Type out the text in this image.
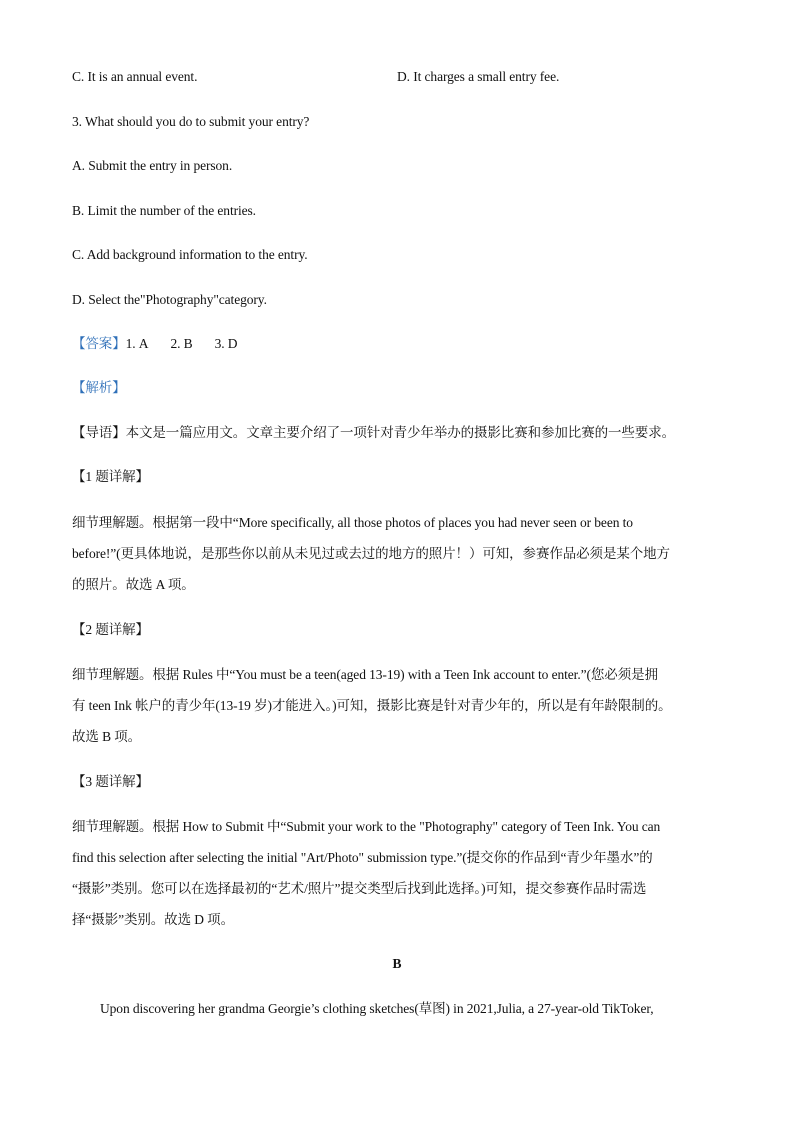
C. It is an annual event.	D. It charges a small entry fee.
3. What should you do to submit your entry?
A. Submit the entry in person.
B. Limit the number of the entries.
C. Add background information to the entry.
D. Select the"Photography"category.
【答案】1. A 2. B 3. D
【解析】
【导语】本文是一篇应用文。文章主要介绍了一项针对青少年举办的摄影比赛和参加比赛的一些要求。
【1 题详解】
细节理解题。根据第一段中“More specifically, all those photos of places you had never seen or been to
before!”(更具体地说，是那些你以前从未见过或去过的地方的照片！）可知，参赛作品必须是某个地方
的照片。故选 A 项。
【2 题详解】
细节理解题。根据 Rules 中“You must be a teen(aged 13-19) with a Teen Ink account to enter.”(您必须是拥
有 teen Ink 帐户的青少年(13-19 岁)才能进入。)可知，摄影比赛是针对青少年的，所以是有年龄限制的。
故选 B 项。
【3 题详解】
细节理解题。根据 How to Submit 中“Submit your work to the "Photography" category of Teen Ink. You can
find this selection after selecting the initial "Art/Photo" submission type.”(提交你的作品到“青少年墨水”的
“摄影”类别。您可以在选择最初的“艺术/照片”提交类型后找到此选择。)可知，提交参赛作品时需选
择“摄影”类别。故选 D 项。
B
Upon discovering her grandma Georgie’s clothing sketches(草图) in 2021,Julia, a 27-year-old TikToker,
